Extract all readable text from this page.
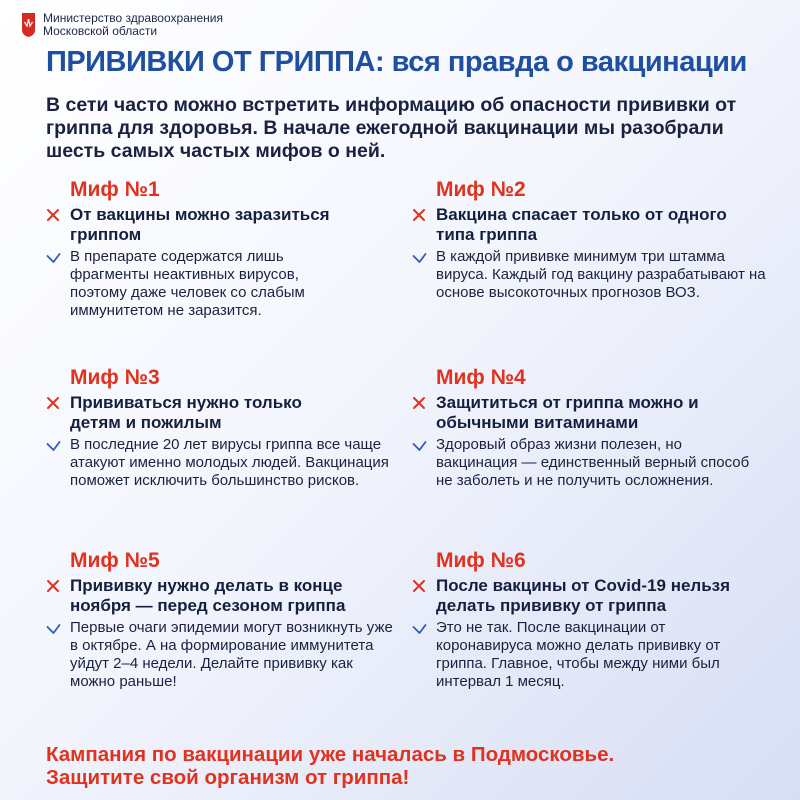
Министерство здравоохранения
Московской области
ПРИВИВКИ ОТ ГРИППА: вся правда о вакцинации

В сети часто можно встретить информацию об опасности прививки от гриппа для здоровья. В начале ежегодной вакцинации мы разобрали шесть самых частых мифов о ней.

Миф №1
От вакцины можно заразиться гриппом
В препарате содержатся лишь фрагменты неактивных вирусов, поэтому даже человек со слабым иммунитетом не заразится.
Миф №2
Вакцина спасает только от одного типа гриппа
В каждой прививке минимум три штамма вируса. Каждый год вакцину разрабатывают на основе высокоточных прогнозов ВОЗ.
Миф №3
Прививаться нужно только детям и пожилым
В последние 20 лет вирусы гриппа все чаще атакуют именно молодых людей. Вакцинация поможет исключить большинство рисков.
Миф №4
Защититься от гриппа можно и обычными витаминами
Здоровый образ жизни полезен, но вакцинация — единственный верный способ не заболеть и не получить осложнения.
Миф №5
Прививку нужно делать в конце ноября — перед сезоном гриппа
Первые очаги эпидемии могут возникнуть уже в октябре. А на формирование иммунитета уйдут 2–4 недели. Делайте прививку как можно раньше!
Миф №6
После вакцины от Covid-19 нельзя делать прививку от гриппа
Это не так. После вакцинации от коронавируса можно делать прививку от гриппа. Главное, чтобы между ними был интервал 1 месяц.

Кампания по вакцинации уже началась в Подмосковье.
Защитите свой организм от гриппа!
